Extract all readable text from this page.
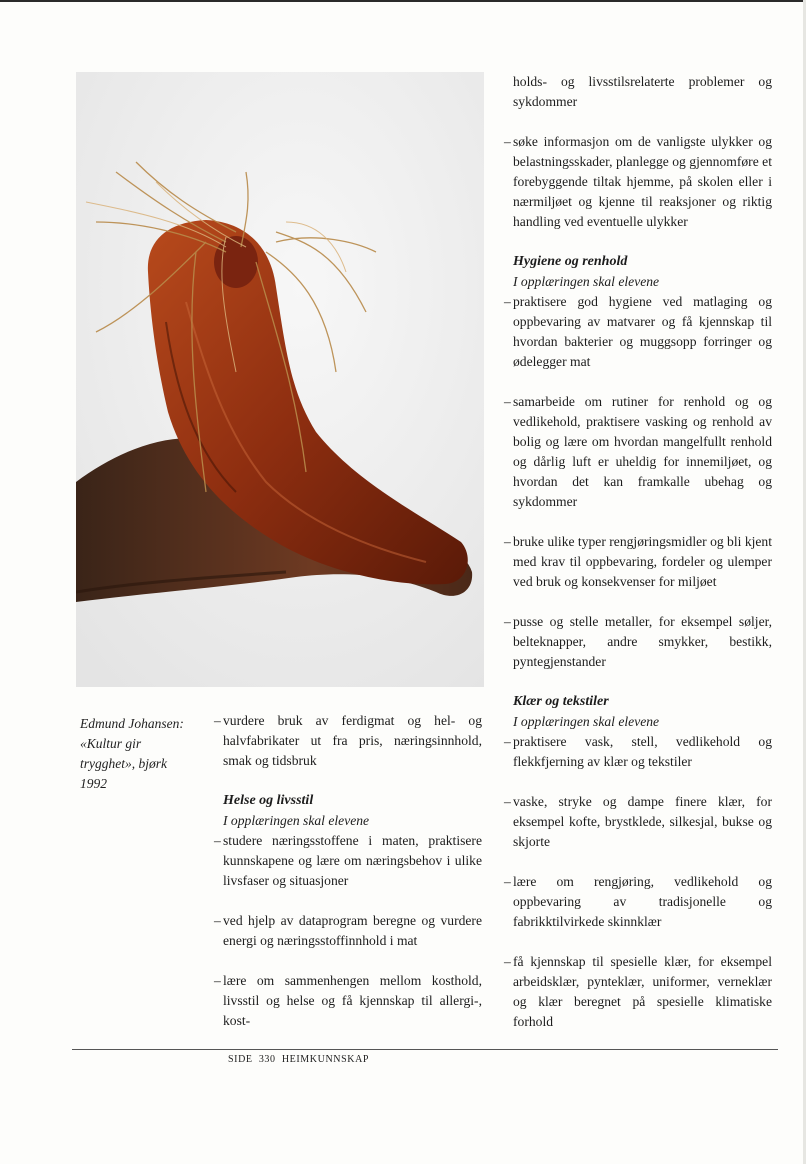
Edmund Johansen:
«Kultur gir
trygghet», bjørk
1992

– vurdere bruk av ferdigmat og hel- og halvfabrikater ut fra pris, næringsinnhold, smak og tidsbruk

Helse og livsstil

I opplæringen skal elevene

– studere næringsstoffene i maten, praktisere kunnskapene og lære om næringsbehov i ulike livsfaser og situasjoner

– ved hjelp av dataprogram beregne og vurdere energi og næringsstoffinnhold i mat

– lære om sammenhengen mellom kosthold, livsstil og helse og få kjennskap til allergi-, kost-

holds- og livsstilsrelaterte problemer og sykdommer

– søke informasjon om de vanligste ulykker og belastningsskader, planlegge og gjennomføre et forebyggende tiltak hjemme, på skolen eller i nærmiljøet og kjenne til reaksjoner og riktig handling ved eventuelle ulykker

Hygiene og renhold

I opplæringen skal elevene

– praktisere god hygiene ved matlaging og oppbevaring av matvarer og få kjennskap til hvordan bakterier og muggsopp forringer og ødelegger mat

– samarbeide om rutiner for renhold og og vedlikehold, praktisere vasking og renhold av bolig og lære om hvordan mangelfullt renhold og dårlig luft er uheldig for innemiljøet, og hvordan det kan framkalle ubehag og sykdommer

– bruke ulike typer rengjøringsmidler og bli kjent med krav til oppbevaring, fordeler og ulemper ved bruk og konsekvenser for miljøet

– pusse og stelle metaller, for eksempel søljer, belteknapper, andre smykker, bestikk, pyntegjenstander

Klær og tekstiler

I opplæringen skal elevene

– praktisere vask, stell, vedlikehold og flekkfjerning av klær og tekstiler

– vaske, stryke og dampe finere klær, for eksempel kofte, brystklede, silkesjal, bukse og skjorte

– lære om rengjøring, vedlikehold og oppbevaring av tradisjonelle og fabrikktilvirkede skinnklær

– få kjennskap til spesielle klær, for eksempel arbeidsklær, pynteklær, uniformer, verneklær og klær beregnet på spesielle klimatiske forhold

SIDE 330 HEIMKUNNSKAP
